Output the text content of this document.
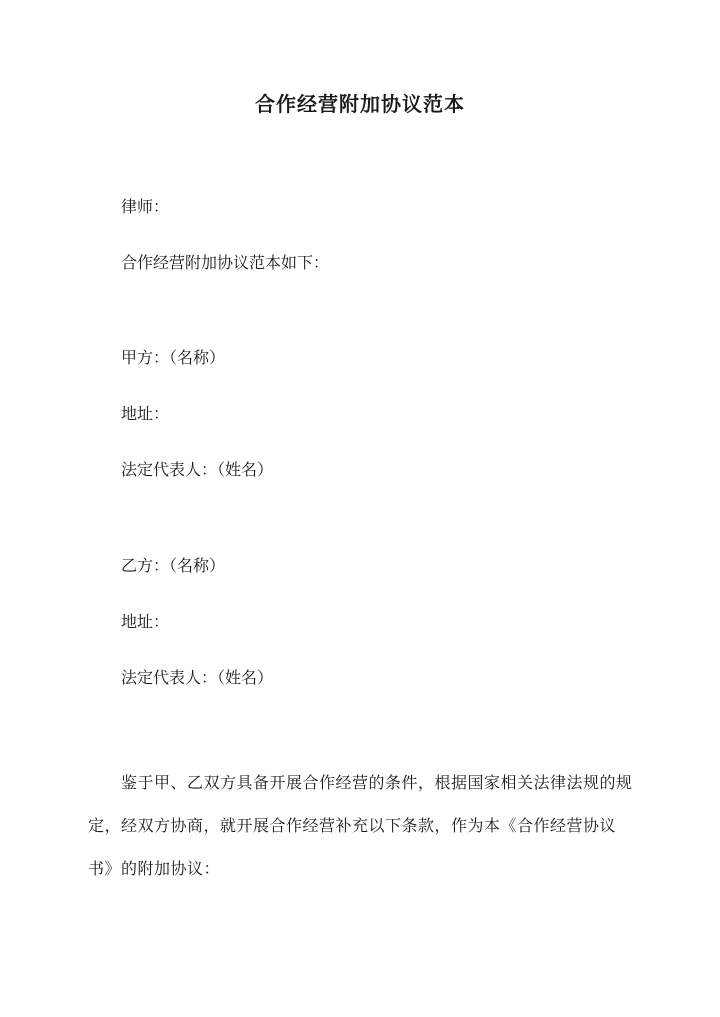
合作经营附加协议范本
律师：
合作经营附加协议范本如下：
甲方：（名称）
地址：
法定代表人：（姓名）
乙方：（名称）
地址：
法定代表人：（姓名）
鉴于甲、乙双方具备开展合作经营的条件，根据国家相关法律法规的规定，经双方协商，就开展合作经营补充以下条款，作为本《合作经营协议书》的附加协议：
